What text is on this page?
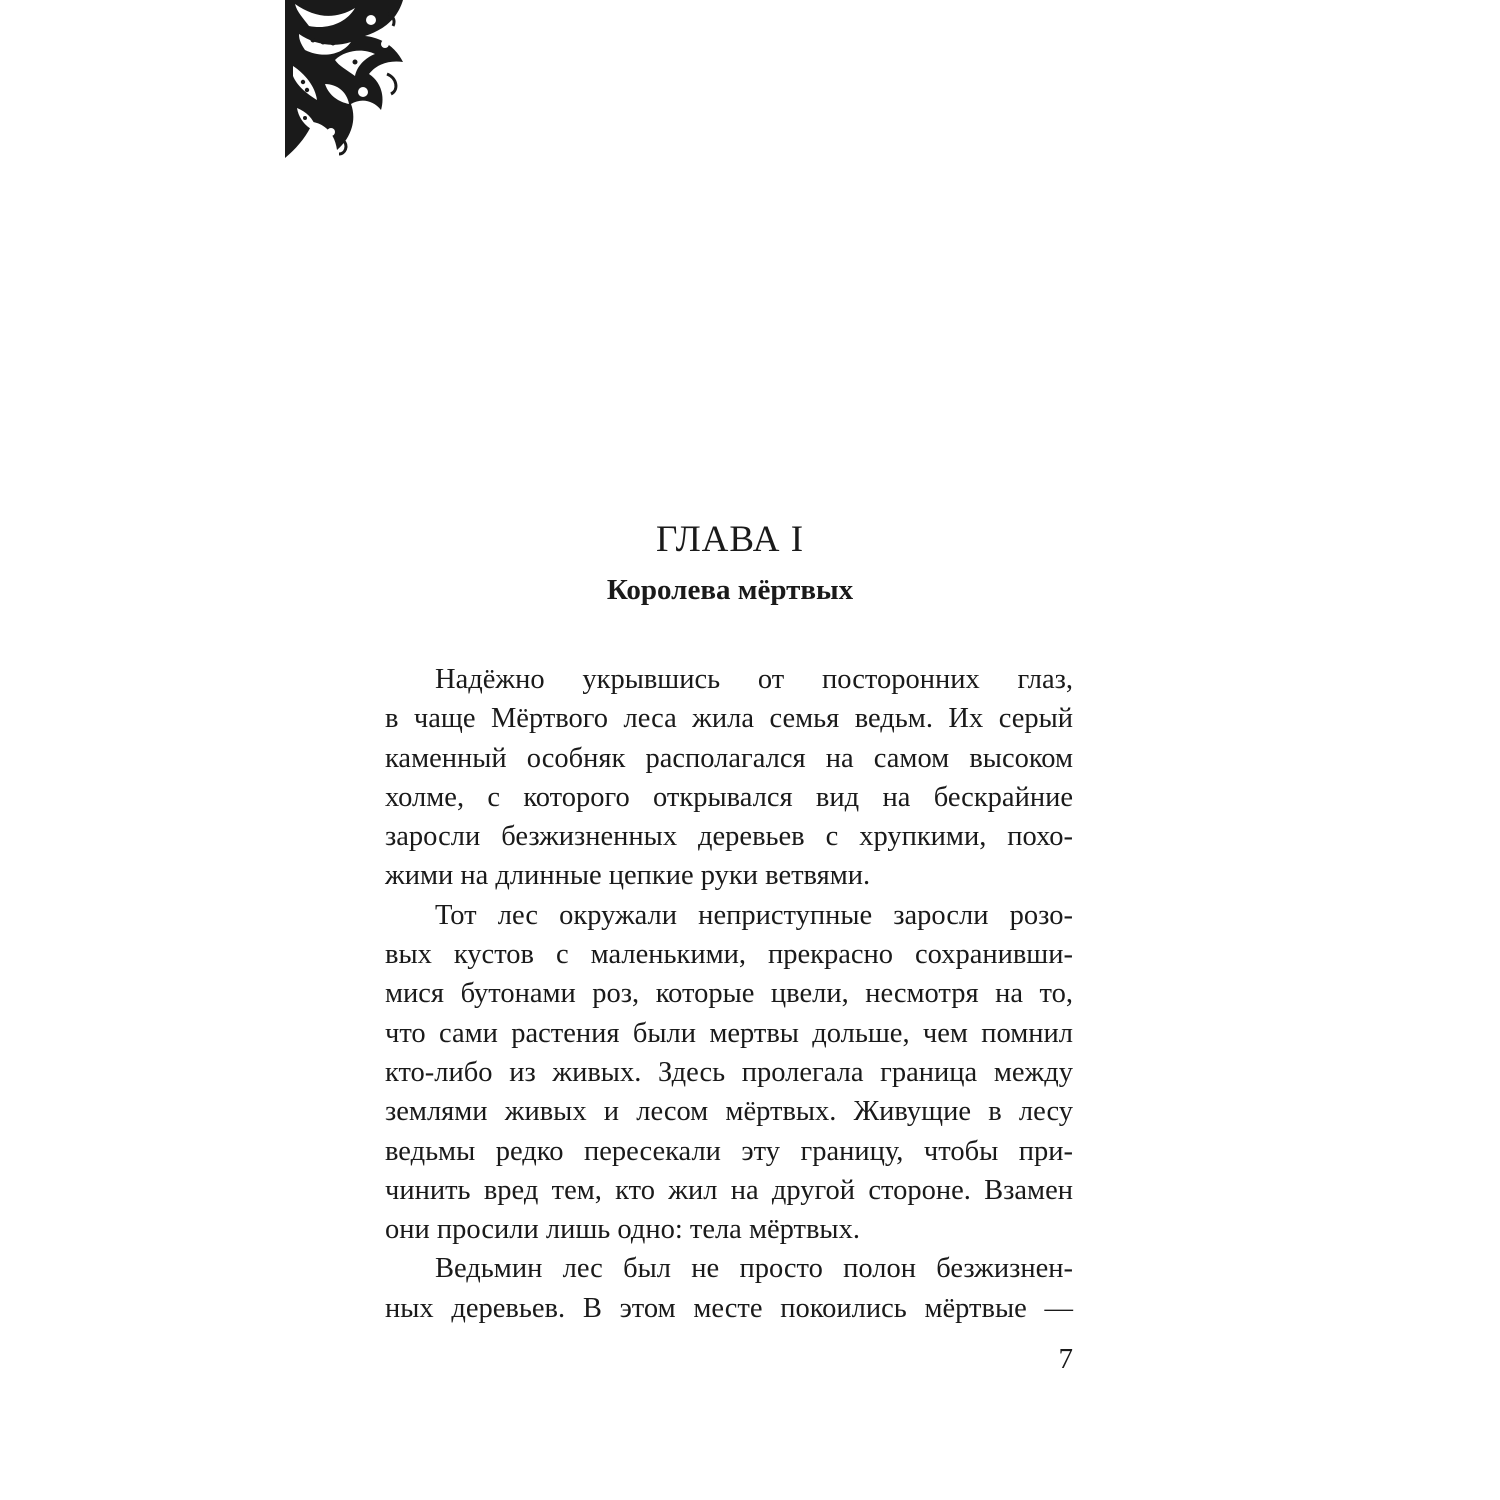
ГЛАВА I
Королева мёртвых
Надёжно укрывшись от посторонних глаз,
в чаще Мёртвого леса жила семья ведьм. Их серый
каменный особняк располагался на самом высоком
холме, с которого открывался вид на бескрайние
заросли безжизненных деревьев с хрупкими, похо-
жими на длинные цепкие руки ветвями.
Тот лес окружали неприступные заросли розо-
вых кустов с маленькими, прекрасно сохранивши-
мися бутонами роз, которые цвели, несмотря на то,
что сами растения были мертвы дольше, чем помнил
кто-либо из живых. Здесь пролегала граница между
землями живых и лесом мёртвых. Живущие в лесу
ведьмы редко пересекали эту границу, чтобы при-
чинить вред тем, кто жил на другой стороне. Взамен
они просили лишь одно: тела мёртвых.
Ведьмин лес был не просто полон безжизнен-
ных деревьев. В этом месте покоились мёртвые —
7
